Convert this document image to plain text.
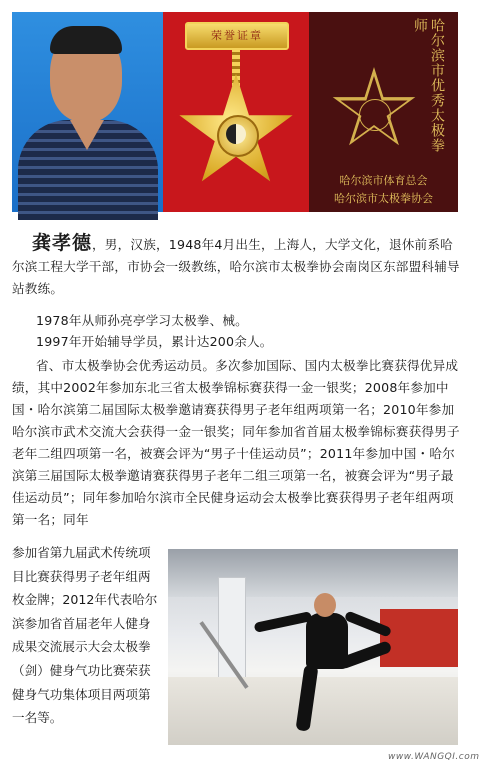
荣誉证章	哈尔滨市优秀太极拳师
哈尔滨市体育总会
哈尔滨市太极拳协会
龚孝德，男，汉族，1948年4月出生，上海人，大学文化，退休前系哈尔滨工程大学干部，市协会一级教练，哈尔滨市太极拳协会南岗区东部盟科辅导站教练。

1978年从师孙亮亭学习太极拳、械。

1997年开始辅导学员，累计达200余人。

省、市太极拳协会优秀运动员。多次参加国际、国内太极拳比赛获得优异成绩，其中2002年参加东北三省太极拳锦标赛获得一金一银奖；2008年参加中国・哈尔滨第二届国际太极拳邀请赛获得男子老年组两项第一名；2010年参加哈尔滨市武术交流大会获得一金一银奖；同年参加省首届太极拳锦标赛获得男子老年二组四项第一名，被赛会评为“男子十佳运动员”；2011年参加中国・哈尔滨第三届国际太极拳邀请赛获得男子老年二组三项第一名，被赛会评为“男子最佳运动员”；同年参加哈尔滨市全民健身运动会太极拳比赛获得男子老年组两项第一名；同年

参加省第九届武术传统项目比赛获得男子老年组两枚金牌；2012年代表哈尔滨参加省首届老年人健身成果交流展示大会太极拳（剑）健身气功比赛荣获健身气功集体项目两项第一名等。
www.WANGQI.com
